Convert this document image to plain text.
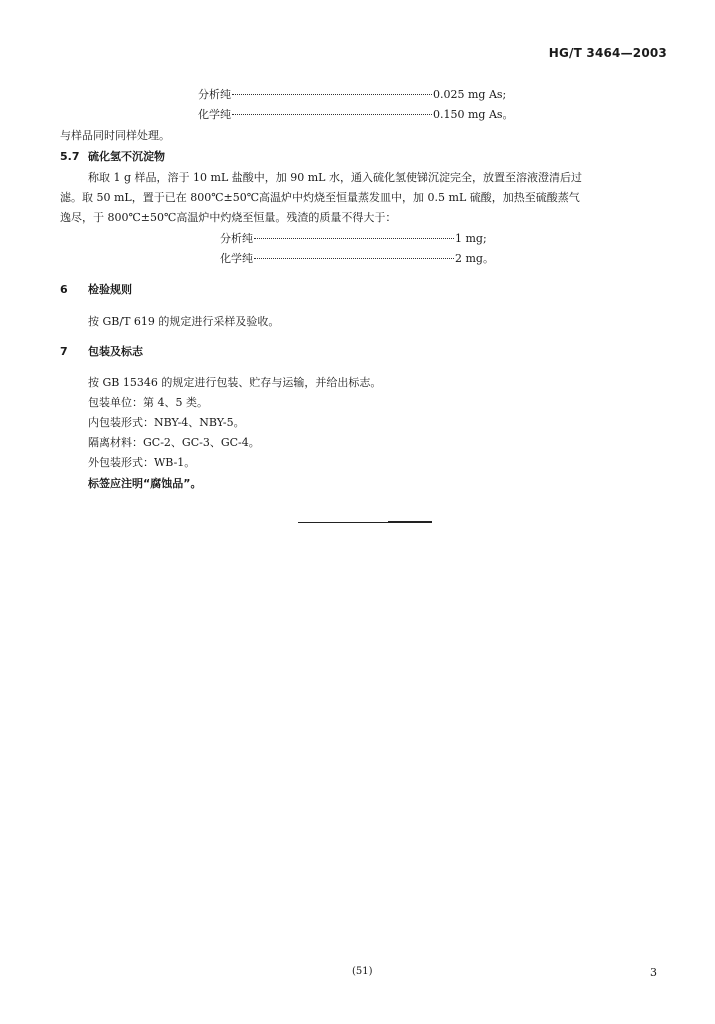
HG/T 3464—2003
分析纯	0.025 mg As;
化学纯	0.150 mg As。
与样品同时同样处理。
5.7 硫化氢不沉淀物
称取 1 g 样品，溶于 10 mL 盐酸中，加 90 mL 水，通入硫化氢使锑沉淀完全，放置至溶液澄清后过
滤。取 50 mL，置于已在 800℃±50℃高温炉中灼烧至恒量蒸发皿中，加 0.5 mL 硫酸，加热至硫酸蒸气
逸尽，于 800℃±50℃高温炉中灼烧至恒量。残渣的质量不得大于：
分析纯	1 mg;
化学纯	2 mg。
6 检验规则
按 GB/T 619 的规定进行采样及验收。
7 包装及标志
按 GB 15346 的规定进行包装、贮存与运输，并给出标志。
包装单位：第 4、5 类。
内包装形式：NBY-4、NBY-5。
隔离材料：GC-2、GC-3、GC-4。
外包装形式：WB-1。
标签应注明“腐蚀品”。
(51)	3
